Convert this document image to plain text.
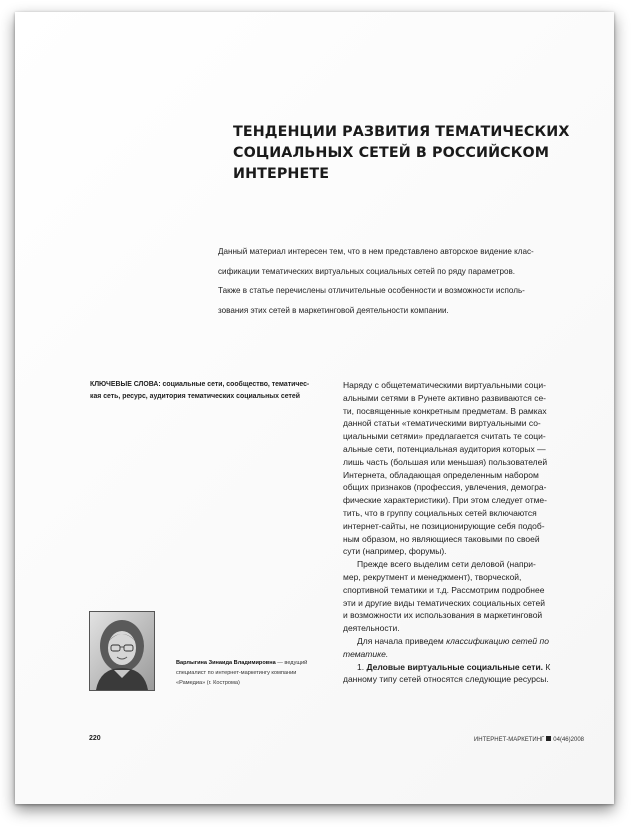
ТЕНДЕНЦИИ РАЗВИТИЯ ТЕМАТИЧЕСКИХ
СОЦИАЛЬНЫХ СЕТЕЙ В РОССИЙСКОМ
ИНТЕРНЕТЕ
Данный материал интересен тем, что в нем представлено авторское видение клас-
сификации тематических виртуальных социальных сетей по ряду параметров.
Также в статье перечислены отличительные особенности и возможности исполь-
зования этих сетей в маркетинговой деятельности компании.
КЛЮЧЕВЫЕ СЛОВА: социальные сети, сообщество, тематичес-
кая сеть, ресурс, аудитория тематических социальных сетей
Варлыгина Зинаида Владимировна — ведущий
специалист по интернет-маркетингу компании
«Рамедиа» (г. Кострома)
Наряду с общетематическими виртуальными соци-
альными сетями в Рунете активно развиваются се-
ти, посвященные конкретным предметам. В рамках
данной статьи «тематическими виртуальными со-
циальными сетями» предлагается считать те соци-
альные сети, потенциальная аудитория которых —
лишь часть (большая или меньшая) пользователей
Интернета, обладающая определенным набором
общих признаков (профессия, увлечения, демогра-
фические характеристики). При этом следует отме-
тить, что в группу социальных сетей включаются
интернет-сайты, не позиционирующие себя подоб-
ным образом, но являющиеся таковыми по своей
сути (например, форумы).
Прежде всего выделим сети деловой (напри-
мер, рекрутмент и менеджмент), творческой,
спортивной тематики и т.д. Рассмотрим подробнее
эти и другие виды тематических социальных сетей
и возможности их использования в маркетинговой
деятельности.
Для начала приведем классификацию сетей по
тематике.
1. Деловые виртуальные социальные сети. К
данному типу сетей относятся следующие ресурсы.
220	ИНТЕРНЕТ-МАРКЕТИНГ 04(46)2008
